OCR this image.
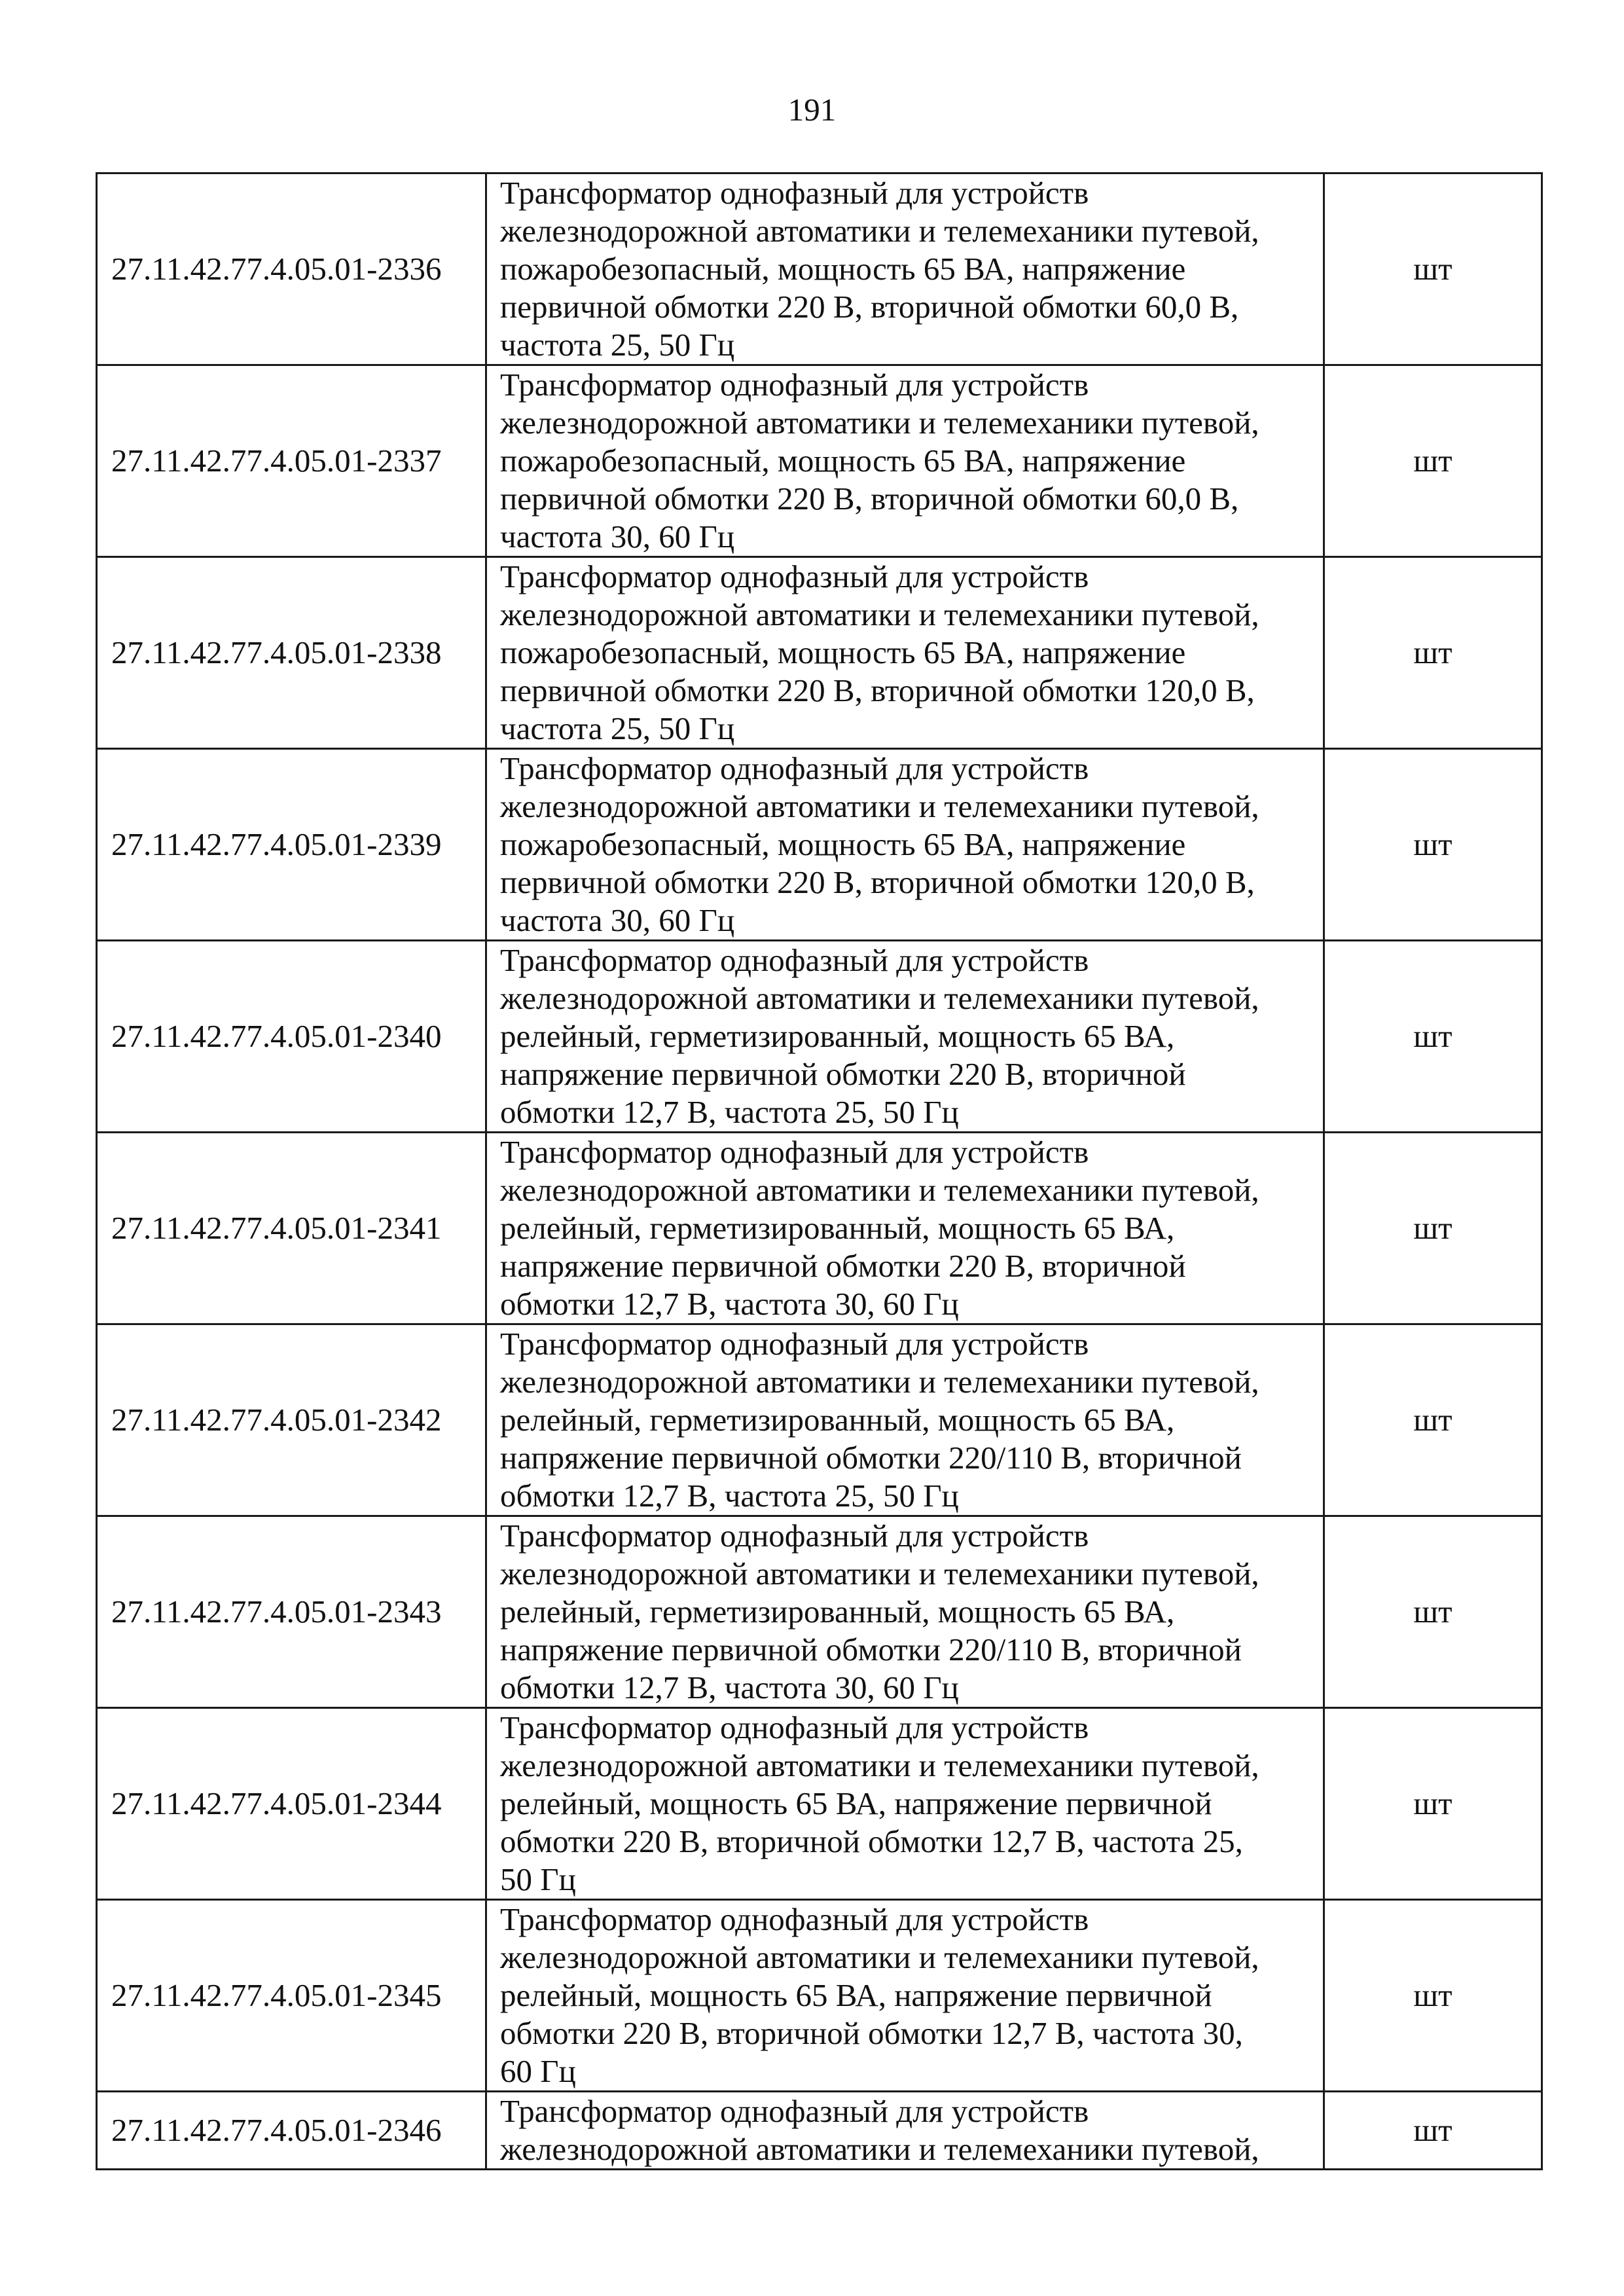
191
27.11.42.77.4.05.01-2336	Трансформатор однофазный для устройств
железнодорожной автоматики и телемеханики путевой,
пожаробезопасный, мощность 65 ВА, напряжение
первичной обмотки 220 В, вторичной обмотки 60,0 В,
частота 25, 50 Гц	шт
27.11.42.77.4.05.01-2337	Трансформатор однофазный для устройств
железнодорожной автоматики и телемеханики путевой,
пожаробезопасный, мощность 65 ВА, напряжение
первичной обмотки 220 В, вторичной обмотки 60,0 В,
частота 30, 60 Гц	шт
27.11.42.77.4.05.01-2338	Трансформатор однофазный для устройств
железнодорожной автоматики и телемеханики путевой,
пожаробезопасный, мощность 65 ВА, напряжение
первичной обмотки 220 В, вторичной обмотки 120,0 В,
частота 25, 50 Гц	шт
27.11.42.77.4.05.01-2339	Трансформатор однофазный для устройств
железнодорожной автоматики и телемеханики путевой,
пожаробезопасный, мощность 65 ВА, напряжение
первичной обмотки 220 В, вторичной обмотки 120,0 В,
частота 30, 60 Гц	шт
27.11.42.77.4.05.01-2340	Трансформатор однофазный для устройств
железнодорожной автоматики и телемеханики путевой,
релейный, герметизированный, мощность 65 ВА,
напряжение первичной обмотки 220 В, вторичной
обмотки 12,7 В, частота 25, 50 Гц	шт
27.11.42.77.4.05.01-2341	Трансформатор однофазный для устройств
железнодорожной автоматики и телемеханики путевой,
релейный, герметизированный, мощность 65 ВА,
напряжение первичной обмотки 220 В, вторичной
обмотки 12,7 В, частота 30, 60 Гц	шт
27.11.42.77.4.05.01-2342	Трансформатор однофазный для устройств
железнодорожной автоматики и телемеханики путевой,
релейный, герметизированный, мощность 65 ВА,
напряжение первичной обмотки 220/110 В, вторичной
обмотки 12,7 В, частота 25, 50 Гц	шт
27.11.42.77.4.05.01-2343	Трансформатор однофазный для устройств
железнодорожной автоматики и телемеханики путевой,
релейный, герметизированный, мощность 65 ВА,
напряжение первичной обмотки 220/110 В, вторичной
обмотки 12,7 В, частота 30, 60 Гц	шт
27.11.42.77.4.05.01-2344	Трансформатор однофазный для устройств
железнодорожной автоматики и телемеханики путевой,
релейный, мощность 65 ВА, напряжение первичной
обмотки 220 В, вторичной обмотки 12,7 В, частота 25,
50 Гц	шт
27.11.42.77.4.05.01-2345	Трансформатор однофазный для устройств
железнодорожной автоматики и телемеханики путевой,
релейный, мощность 65 ВА, напряжение первичной
обмотки 220 В, вторичной обмотки 12,7 В, частота 30,
60 Гц	шт
27.11.42.77.4.05.01-2346	Трансформатор однофазный для устройств
железнодорожной автоматики и телемеханики путевой,	шт
